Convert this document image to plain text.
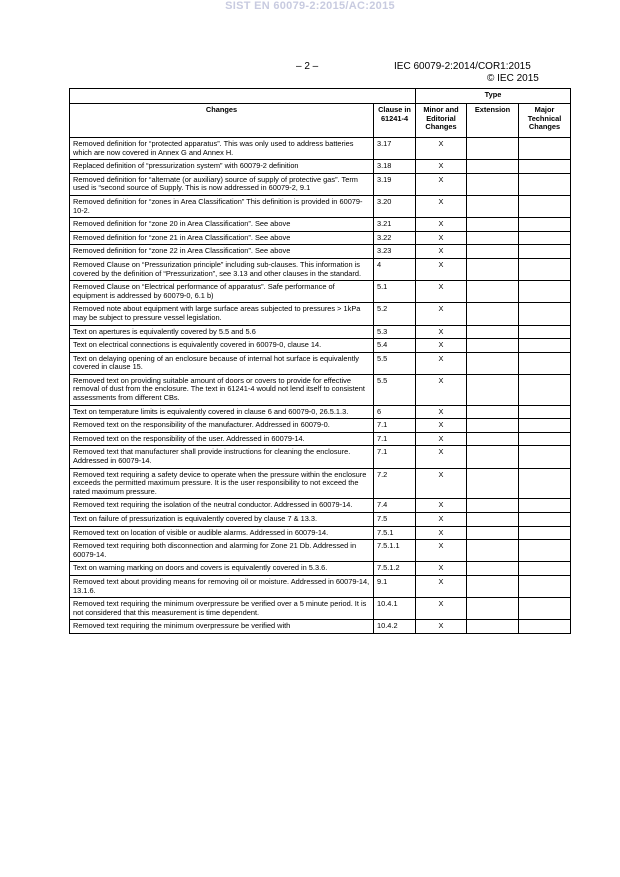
SIST EN 60079-2:2015/AC:2015
– 2 –	IEC 60079-2:2014/COR1:2015
© IEC 2015
		Type		
Changes	Clause in 61241-4	Minor and Editorial Changes	Extension	Major Technical Changes
Removed definition for “protected apparatus”. This was only used to address batteries which are now covered in Annex G and Annex H.	3.17	X		
Replaced definition of “pressurization system” with 60079-2 definition	3.18	X		
Removed definition for “alternate (or auxiliary) source of supply of protective gas”. Term used is “second source of Supply. This is now addressed in 60079-2, 9.1	3.19	X		
Removed definition for “zones in Area Classification” This definition is provided in 60079-10-2.	3.20	X		
Removed definition for “zone 20 in Area Classification”. See above	3.21	X		
Removed definition for “zone 21 in Area Classification”. See above	3.22	X		
Removed definition for “zone 22 in Area Classification”. See above	3.23	X		
Removed Clause on “Pressurization principle” including sub-clauses. This information is covered by the definition of “Pressurization”, see 3.13 and other clauses in the standard.	4	X		
Removed Clause on “Electrical performance of apparatus”. Safe performance of equipment is addressed by 60079-0, 6.1 b)	5.1	X		
Removed note about equipment with large surface areas subjected to pressures > 1kPa may be subject to pressure vessel legislation.	5.2	X		
Text on apertures is equivalently covered by 5.5 and 5.6	5.3	X		
Text on electrical connections is equivalently covered in 60079-0, clause 14.	5.4	X		
Text on delaying opening of an enclosure because of internal hot surface is equivalently covered in clause 15.	5.5	X		
Removed text on providing suitable amount of doors or covers to provide for effective removal of dust from the enclosure. The text in 61241-4 would not lend itself to consistent assessments from different CBs.	5.5	X		
Text on temperature limits is equivalently covered in clause 6 and 60079-0, 26.5.1.3.	6	X		
Removed text on the responsibility of the manufacturer. Addressed in 60079-0.	7.1	X		
Removed text on the responsibility of the user. Addressed in 60079-14.	7.1	X		
Removed text that manufacturer shall provide instructions for cleaning the enclosure. Addressed in 60079-14.	7.1	X		
Removed text requiring a safety device to operate when the pressure within the enclosure exceeds the permitted maximum pressure. It is the user responsibility to not exceed the rated maximum pressure.	7.2	X		
Removed text requiring the isolation of the neutral conductor. Addressed in 60079-14.	7.4	X		
Text on failure of pressurization is equivalently covered by clause 7 & 13.3.	7.5	X		
Removed text on location of visible or audible alarms. Addressed in 60079-14.	7.5.1	X		
Removed text requiring both disconnection and alarming for Zone 21 Db. Addressed in 60079-14.	7.5.1.1	X		
Text on warning marking on doors and covers is equivalently covered in 5.3.6.	7.5.1.2	X		
Removed text about providing means for removing oil or moisture. Addressed in 60079-14, 13.1.6.	9.1	X		
Removed text requiring the minimum overpressure be verified over a 5 minute period. It is not considered that this measurement is time dependent.	10.4.1	X		
Removed text requiring the minimum overpressure be verified with	10.4.2	X		
